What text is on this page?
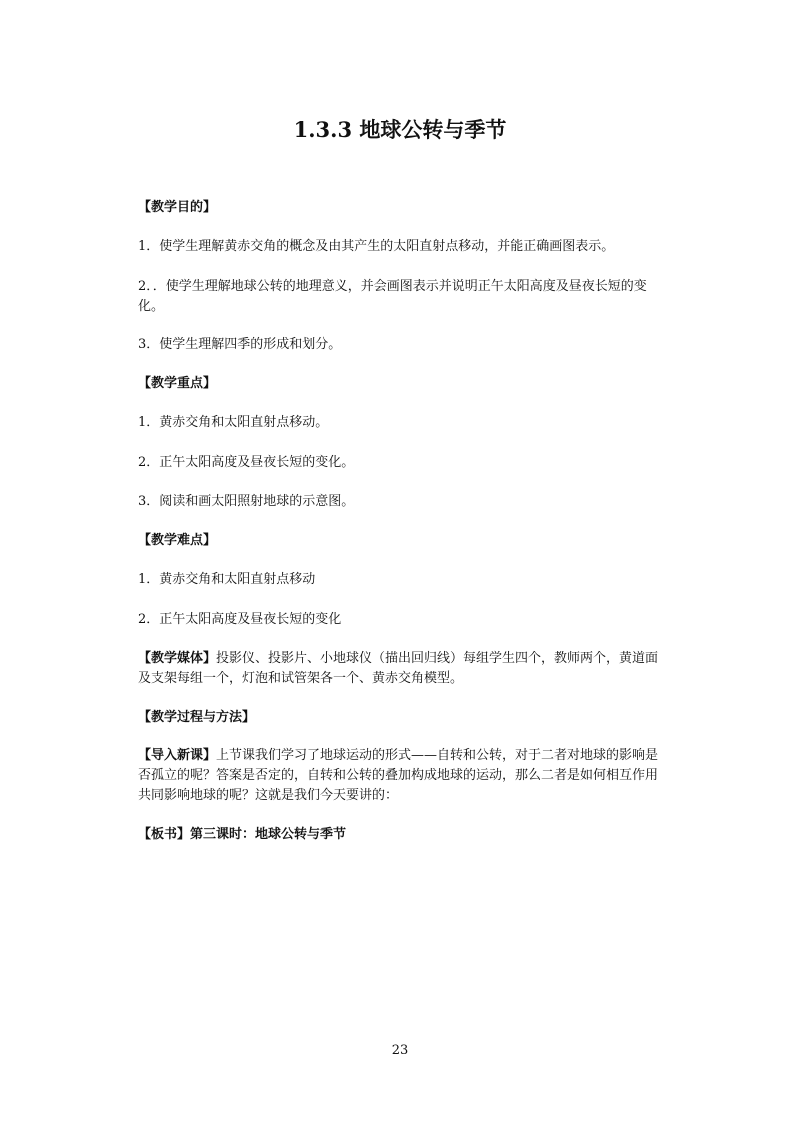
1.3.3 地球公转与季节
【教学目的】
1．使学生理解黄赤交角的概念及由其产生的太阳直射点移动，并能正确画图表示。
2．．使学生理解地球公转的地理意义，并会画图表示并说明正午太阳高度及昼夜长短的变化。
3．使学生理解四季的形成和划分。
【教学重点】
1．黄赤交角和太阳直射点移动。
2．正午太阳高度及昼夜长短的变化。
3．阅读和画太阳照射地球的示意图。
【教学难点】
1．黄赤交角和太阳直射点移动
2．正午太阳高度及昼夜长短的变化
【教学媒体】投影仪、投影片、小地球仪（描出回归线）每组学生四个，教师两个，黄道面及支架每组一个，灯泡和试管架各一个、黄赤交角模型。
【教学过程与方法】
【导入新课】上节课我们学习了地球运动的形式——自转和公转，对于二者对地球的影响是否孤立的呢？答案是否定的，自转和公转的叠加构成地球的运动，那么二者是如何相互作用共同影响地球的呢？这就是我们今天要讲的：
【板书】第三课时：地球公转与季节
23
